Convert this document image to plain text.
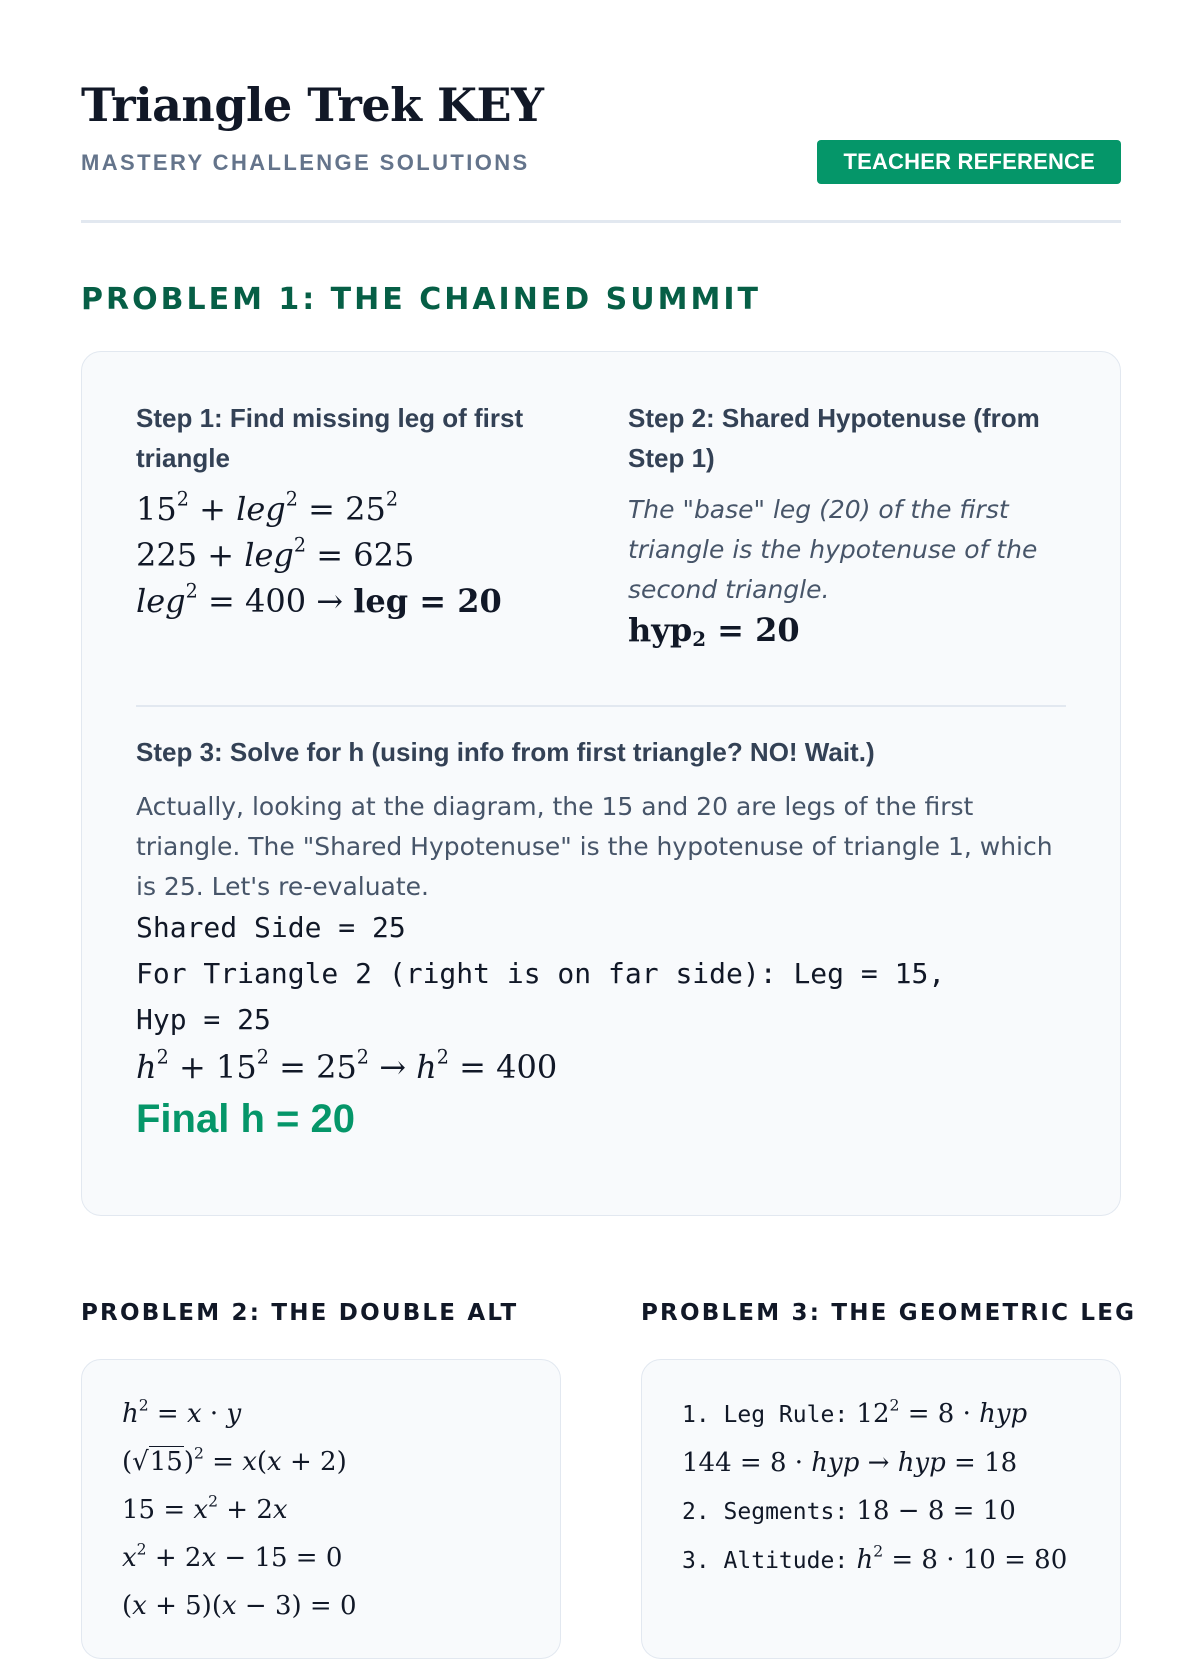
Triangle Trek KEY
MASTERY CHALLENGE SOLUTIONS	TEACHER REFERENCE
PROBLEM 1: THE CHAINED SUMMIT
Step 1: Find missing leg of first triangle
$15^2 + leg^2 = 25^2$
225 + leg$^2$ = 625
leg$^2$ = 400 → leg = 20
Step 2: Shared Hypotenuse (from Step 1)
The "base" leg (20) of the first triangle is the hypotenuse of the second triangle.
hyp$_2$ = 20
Step 3: Solve for h (using info from first triangle? NO! Wait.)
Actually, looking at the diagram, the 15 and 20 are legs of the first triangle. The "Shared Hypotenuse" is the hypotenuse of triangle 1, which is 25. Let's re-evaluate.
Shared Side = 25
For Triangle 2 (right is on far side): Leg = 15,
Hyp = 25
$h^2 + 15^2 = 25^2 \to h^2 = 400$
Final h = 20
PROBLEM 2: THE DOUBLE ALT
$h^2 = x \cdot y$
$(√15)^2 = x(x + 2)$
$15 = x^2 + 2x$
$x^2 + 2x - 15 = 0$
(x + 5)(x − 3) = 0
PROBLEM 3: THE GEOMETRIC LEG
1. Leg Rule: $12^2 = 8$ · hyp
144 = 8 · hyp → hyp = 18
2. Segments: 18 − 8 = 10
3. Altitude: $h^2 = 8 \cdot 10 = 80$
